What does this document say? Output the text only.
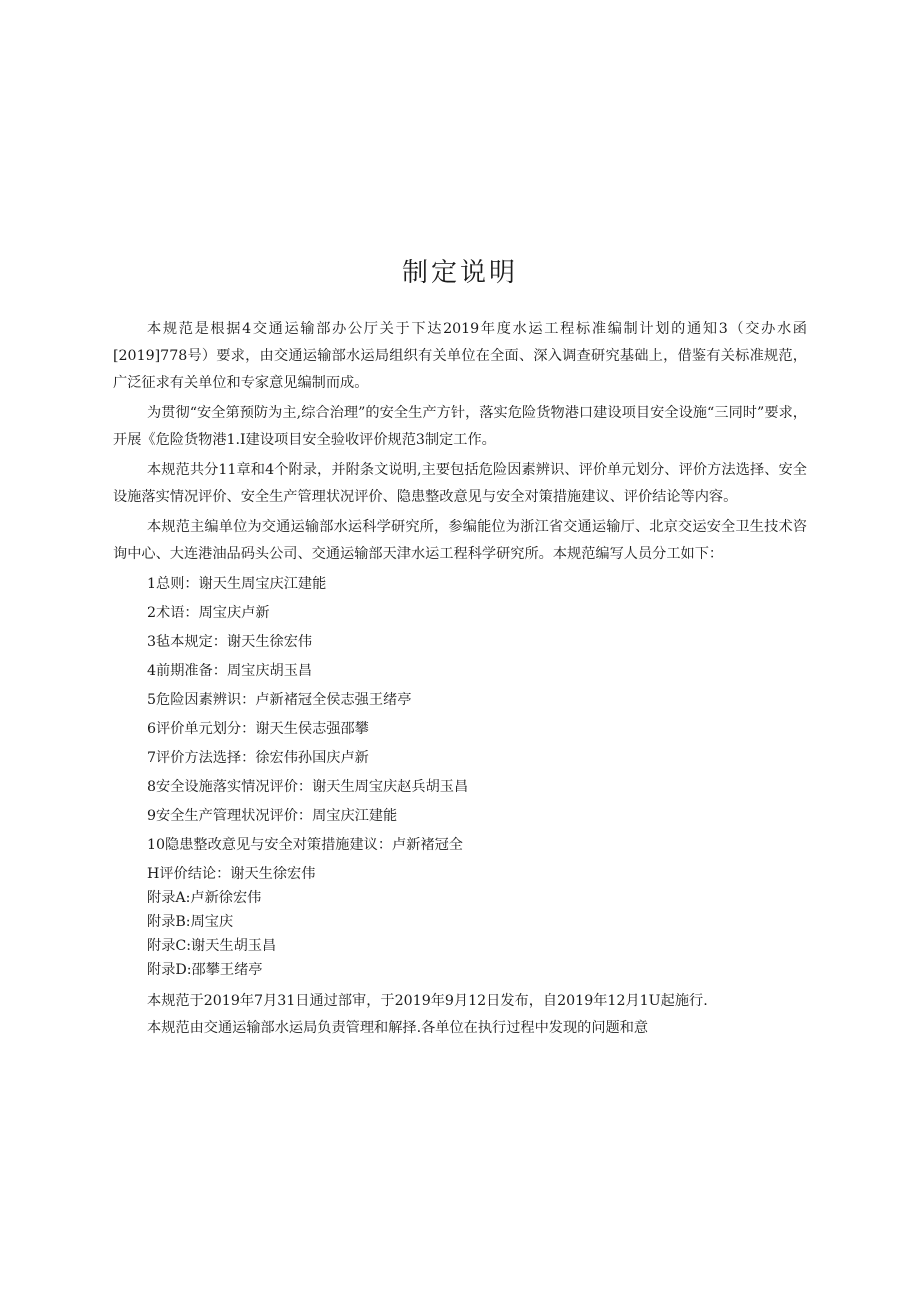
制定说明

本规范是根据4交通运输部办公厅关于下达2019年度水运工程标准编制计划的通知3（交办水函[2019]778号）要求，由交通运输部水运局组织有关单位在全面、深入调查研究基础上，借鉴有关标准规范，广泛征求有关单位和专家意见编制而成。

为贯彻“安全第预防为主,综合治理”的安全生产方针，落实危险货物港口建设项目安全设施“三同时”要求，开展《危险货物港1.I建设项目安全验收评价规范3制定工作。

本规范共分11章和4个附录，并附条文说明,主要包括危险因素辨识、评价单元划分、评价方法选择、安全设施落实情况评价、安全生产管理状况评价、隐患整改意见与安全对策措施建议、评价结论等内容。

本规范主编单位为交通运输部水运科学研究所，参编能位为浙江省交通运输厅、北京交运安全卫生技术咨询中心、大连港油品码头公司、交通运输部天津水运工程科学研究所。本规范编写人员分工如下：

1总则：谢天生周宝庆江建能
2术语：周宝庆卢新
3毡本规定：谢天生徐宏伟
4前期准备：周宝庆胡玉昌
5危险因素辨识：卢新褚冠全侯志强王绪亭
6评价单元划分：谢天生侯志强邵攀
7评价方法选择：徐宏伟孙国庆卢新
8安全设施落实情况评价：谢天生周宝庆赵兵胡玉昌
9安全生产管理状况评价：周宝庆江建能
10隐患整改意见与安全对策措施建议：卢新褚冠全
H评价结论：谢天生徐宏伟
附录A:卢新徐宏伟
附录B:周宝庆
附录C:谢天生胡玉昌
附录D:邵攀王绪亭
本规范于2019年7月31日通过部审，于2019年9月12日发布，自2019年12月1U起施行.
本规范由交通运输部水运局负责管理和解择.各单位在执行过程中发现的问题和意
